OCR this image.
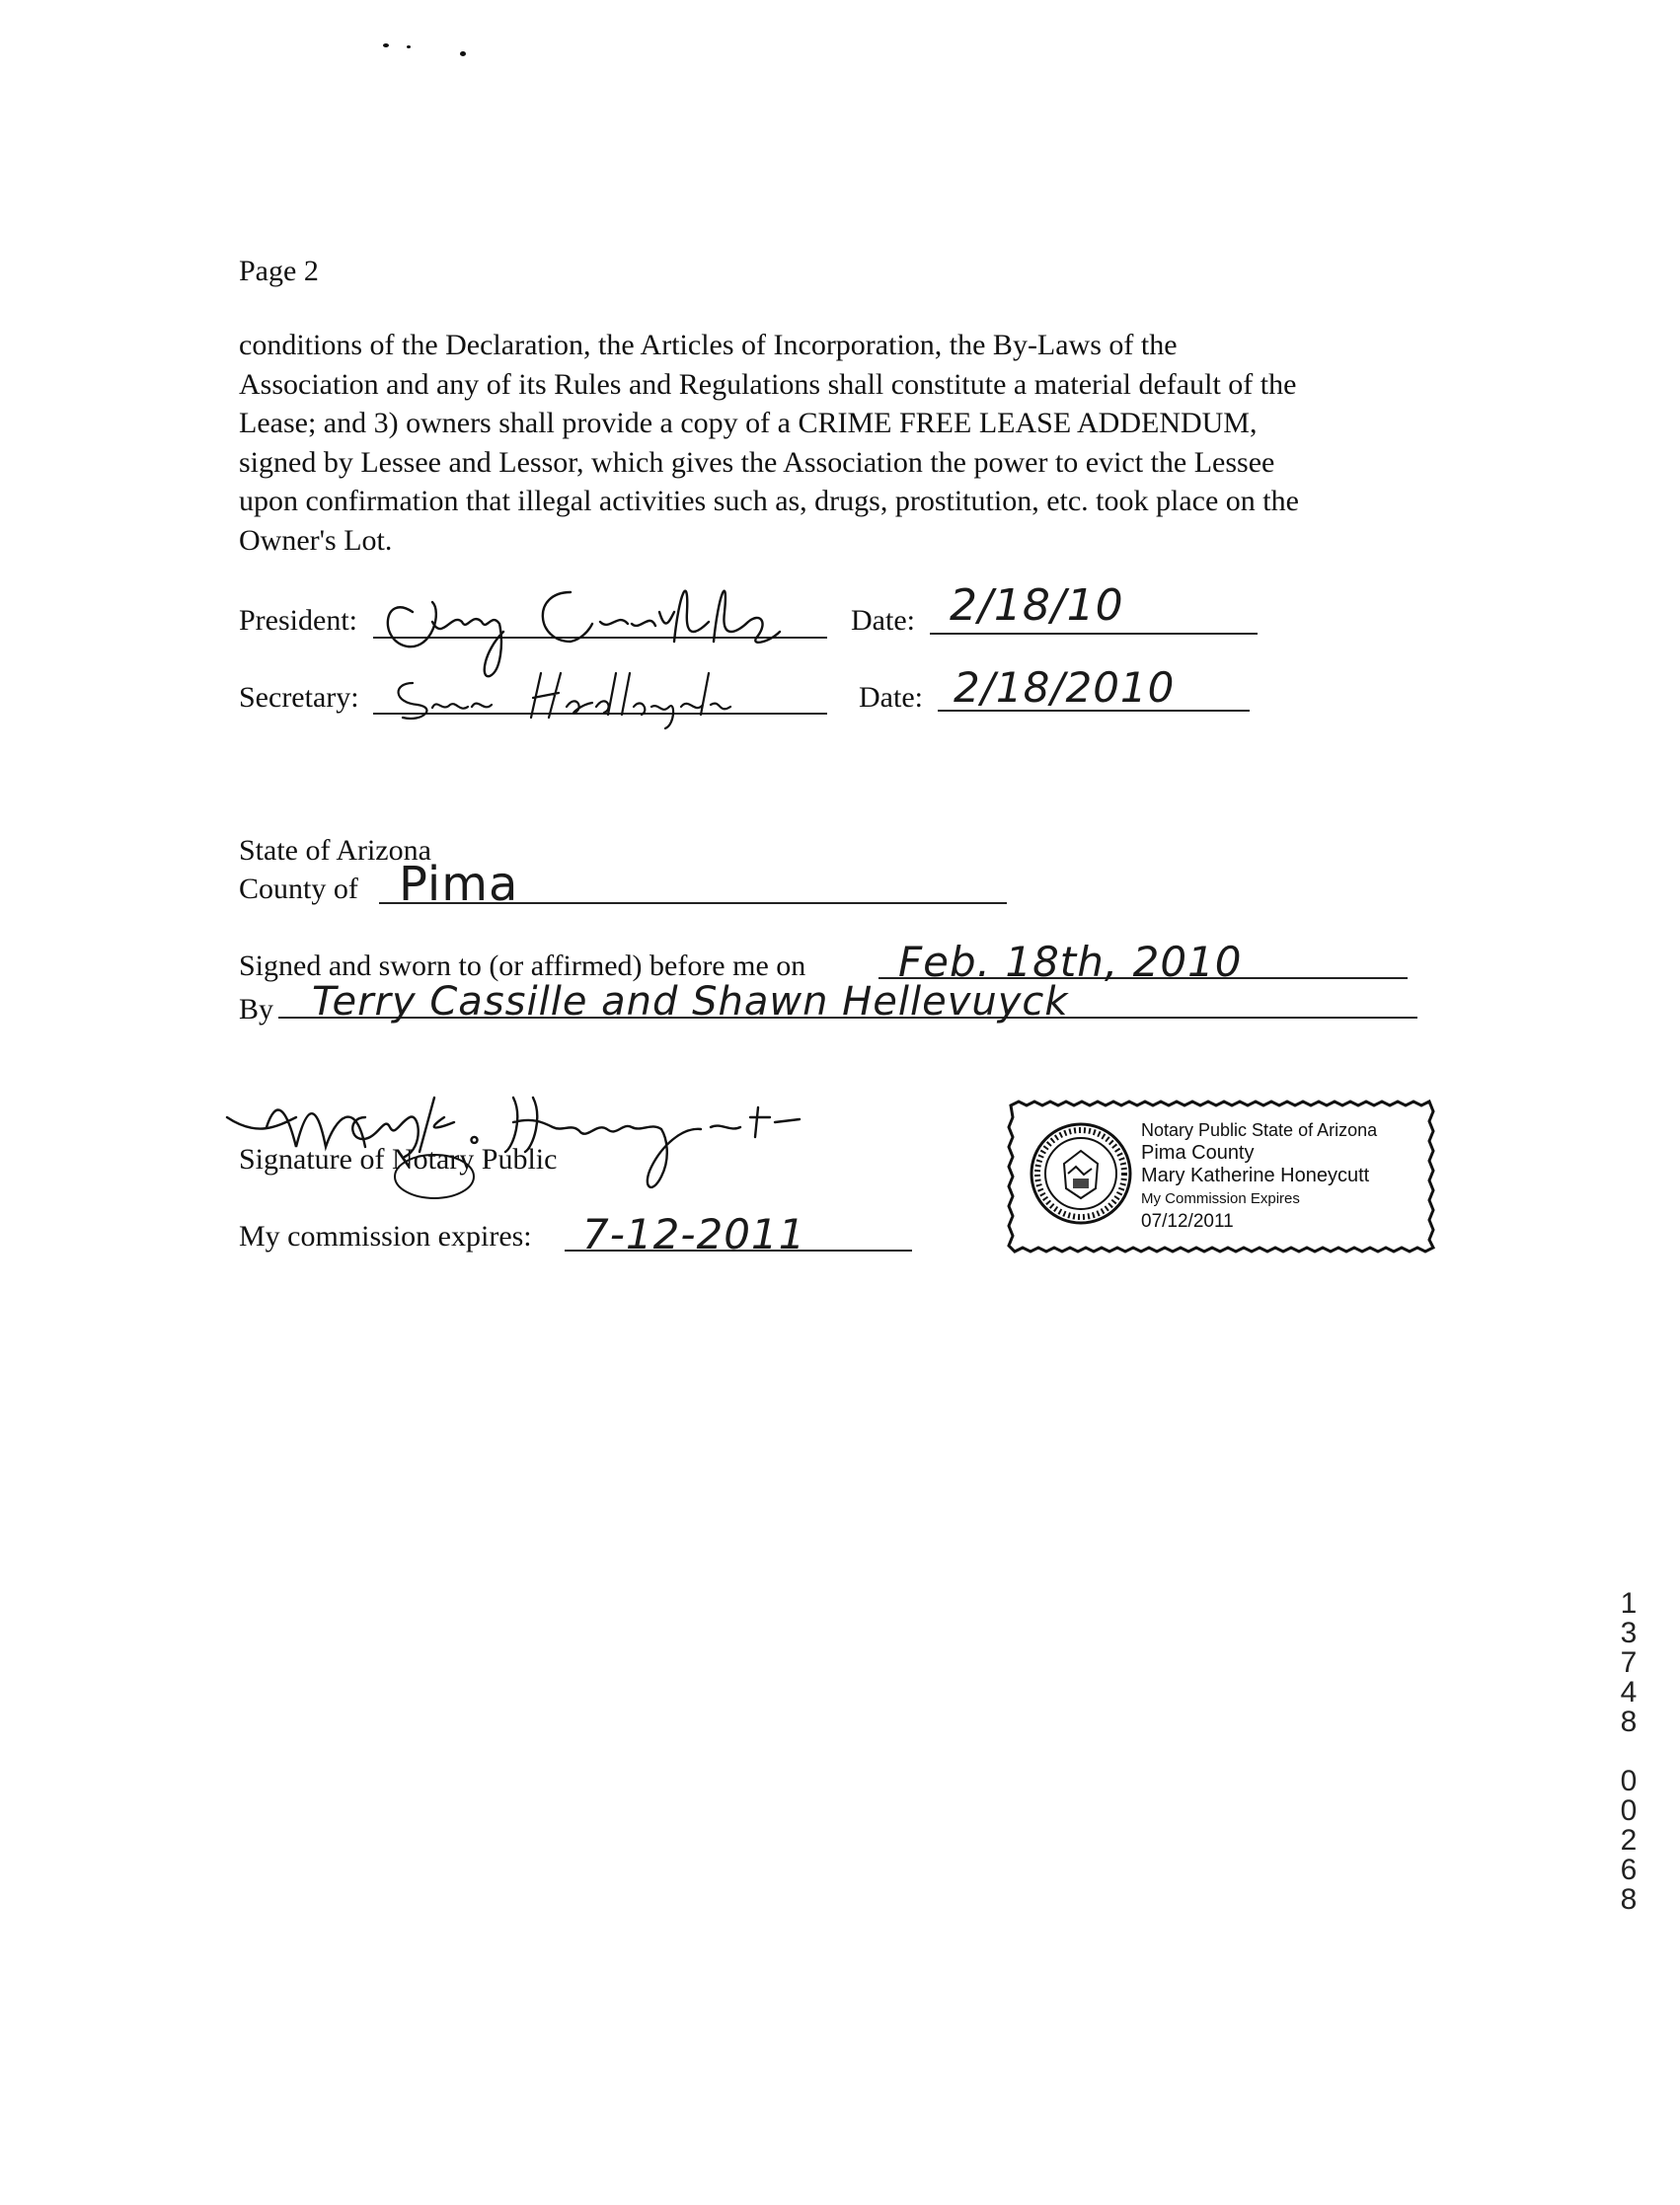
Page 2
conditions of the Declaration, the Articles of Incorporation, the By-Laws of the
Association and any of its Rules and Regulations shall constitute a material default of the
Lease; and 3) owners shall provide a copy of a CRIME FREE LEASE ADDENDUM,
signed by Lessee and Lessor, which gives the Association the power to evict the Lessee
upon confirmation that illegal activities such as, drugs, prostitution, etc. took place on the
Owner's Lot.
President:	Date: 2/18/10
Secretary:	Date: 2/18/2010
State of Arizona
County of Pima
Signed and sworn to (or affirmed) before me on Feb. 18th, 2010
By Terry Cassille and Shawn Hellevuyck
Signature of Notary Public
My commission expires: 7-12-2011
Notary Public State of Arizona
Pima County
Mary Katherine Honeycutt
My Commission Expires
07/12/2011
1
3
7
4
8
0
0
2
6
8
